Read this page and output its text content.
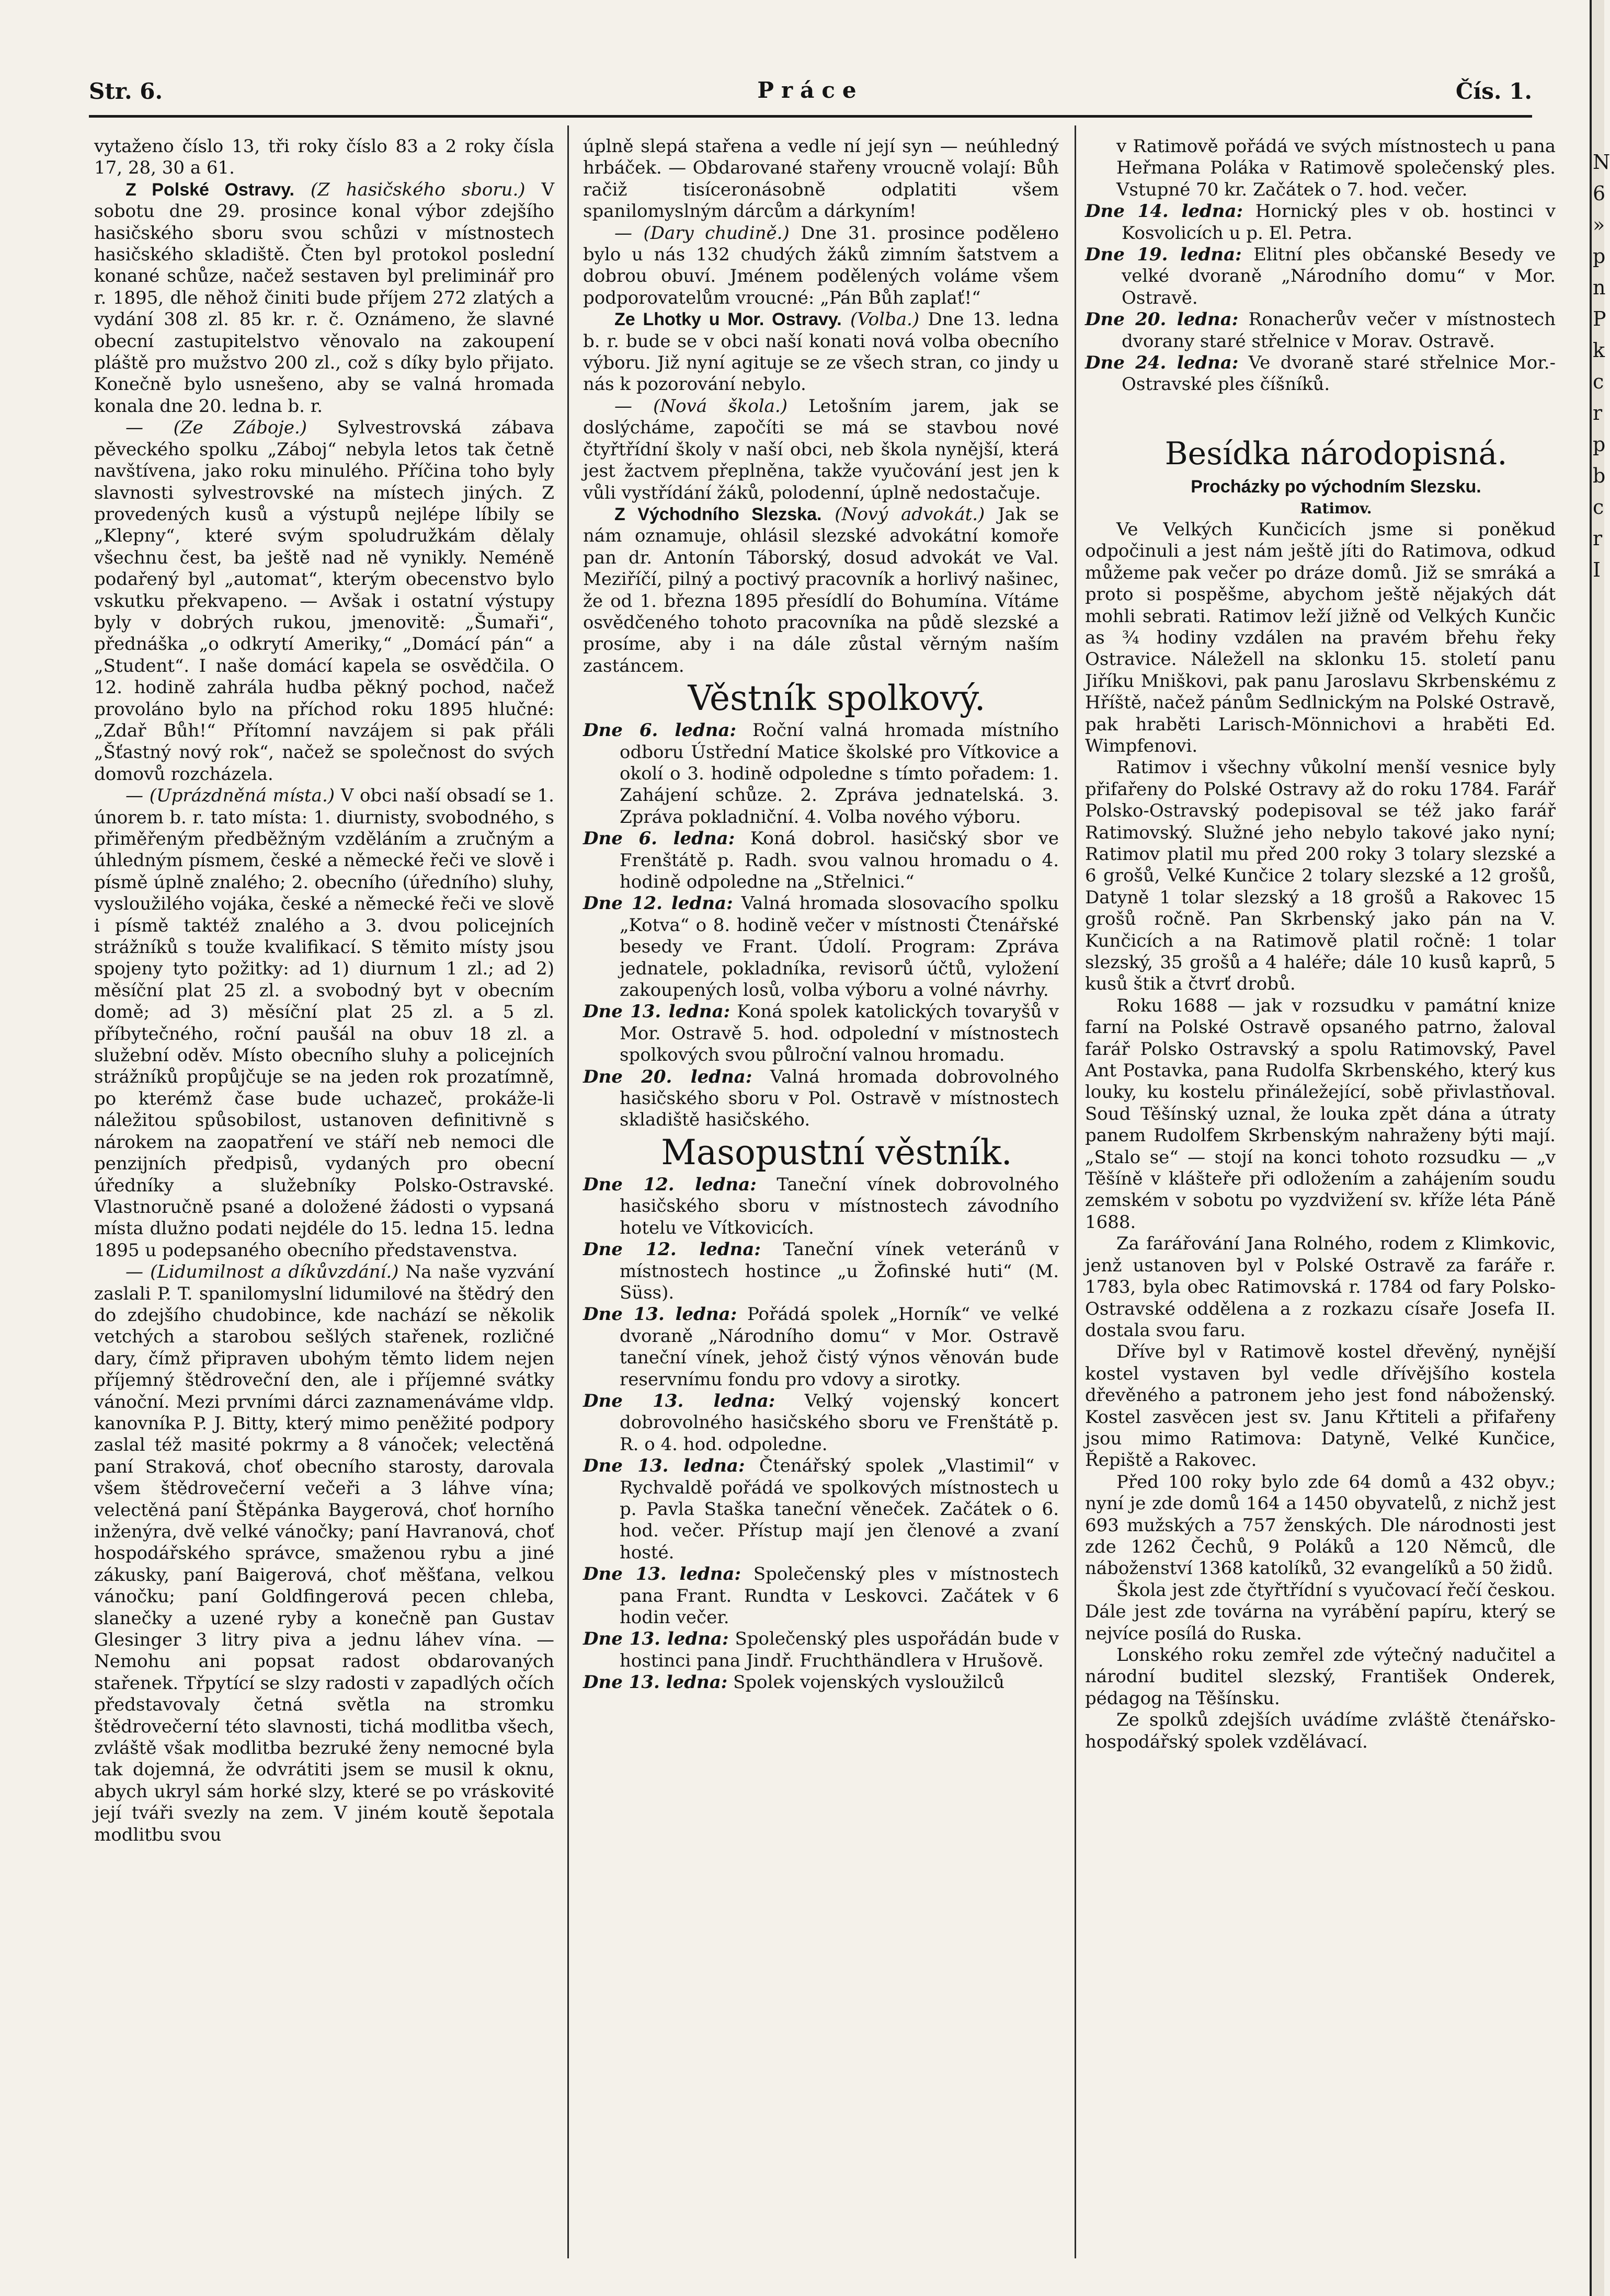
Str. 6.	Práce	Čís. 1.

vytaženo číslo 13, tři roky číslo 83 a 2 roky čísla 17, 28, 30 a 61.

Z Polské Ostravy. (Z hasičského sboru.) V sobotu dne 29. prosince konal výbor zdejšího hasičského sboru svou schůzi v místnostech hasičského skladiště. Čten byl protokol poslední konané schůze, načež sestaven byl preliminář pro r. 1895, dle něhož činiti bude příjem 272 zlatých a vydání 308 zl. 85 kr. r. č. Oznámeno, že slavné obecní zastupitelstvo věnovalo na zakoupení pláště pro mužstvo 200 zl., což s díky bylo přijato. Konečně bylo usnešeno, aby se valná hromada konala dne 20. ledna b. r.

— (Ze Záboje.) Sylvestrovská zábava pěveckého spolku „Záboj“ nebyla letos tak četně navštívena, jako roku minulého. Příčina toho byly slavnosti sylvestrovské na místech jiných. Z provedených kusů a výstupů nejlépe líbily se „Klepny“, které svým spoludružkám dělaly všechnu čest, ba ještě nad ně vynikly. Neméně podařený byl „automat“, kterým obecenstvo bylo vskutku překvapeno. — Avšak i ostatní výstupy byly v dobrých rukou, jmenovitě: „Šumaři“, přednáška „o odkrytí Ameriky,“ „Domácí pán“ a „Student“. I naše domácí kapela se osvědčila. O 12. hodině zahrála hudba pěkný pochod, načež provoláno bylo na příchod roku 1895 hlučné: „Zdař Bůh!“ Přítomní navzájem si pak přáli „Šťastný nový rok“, načež se společnost do svých domovů rozcházela.

— (Uprázdněná místa.) V obci naší obsadí se 1. únorem b. r. tato místa: 1. diurnisty, svobodného, s přiměřeným předběžným vzděláním a zručným a úhledným písmem, české a německé řeči ve slově i písmě úplně znalého; 2. obecního (úředního) sluhy, vysloužilého vojáka, české a německé řeči ve slově i písmě taktéž znalého a 3. dvou policejních strážníků s touže kvalifikací. S těmito místy jsou spojeny tyto požitky: ad 1) diurnum 1 zl.; ad 2) měsíční plat 25 zl. a svobodný byt v obecním domě; ad 3) měsíční plat 25 zl. a 5 zl. příbytečného, roční paušál na obuv 18 zl. a služební oděv. Místo obecního sluhy a policejních strážníků propůjčuje se na jeden rok prozatímně, po kterémž čase bude uchazeč, prokáže-li náležitou spůsobilost, ustanoven definitivně s nárokem na zaopatření ve stáří neb nemoci dle penzijních předpisů, vydaných pro obecní úředníky a služebníky Polsko-Ostravské. Vlastnoručně psané a doložené žádosti o vypsaná místa dlužno podati nejdéle do 15. ledna 15. ledna 1895 u podepsaného obecního představenstva.

— (Lidumilnost a díkůvzdání.) Na naše vyzvání zaslali P. T. spanilomyslní lidumilové na štědrý den do zdejšího chudobince, kde nachází se několik vetchých a starobou sešlých stařenek, rozličné dary, čímž připraven ubohým těmto lidem nejen příjemný štědroveční den, ale i příjemné svátky vánoční. Mezi prvními dárci zaznamenáváme vldp. kanovníka P. J. Bitty, který mimo peněžité podpory zaslal též masité pokrmy a 8 vánoček; velectěná paní Straková, choť obecního starosty, darovala všem štědrovečerní večeři a 3 láhve vína; velectěná paní Štěpánka Baygerová, choť horního inženýra, dvě velké vánočky; paní Havranová, choť hospodářského správce, smaženou rybu a jiné zákusky, paní Baigerová, choť měšťana, velkou vánočku; paní Goldfingerová pecen chleba, slanečky a uzené ryby a konečně pan Gustav Glesinger 3 litry piva a jednu láhev vína. — Nemohu ani popsat radost obdarovaných stařenek. Třpytící se slzy radosti v zapadlých očích představovaly četná světla na stromku štědrovečerní této slavnosti, tichá modlitba všech, zvláště však modlitba bezruké ženy nemocné byla tak dojemná, že odvrátiti jsem se musil k oknu, abych ukryl sám horké slzy, které se po vráskovité její tváři svezly na zem. V jiném koutě šepotala modlitbu svou

úplně slepá stařena a vedle ní její syn — neúhledný hrbáček. — Obdarované stařeny vroucně volají: Bůh račiž tisíceronásobně odplatiti všem spanilomyslným dárcům a dárkyním!

— (Dary chudině.) Dne 31. prosince podělено bylo u nás 132 chudých žáků zimním šatstvem a dobrou obuví. Jménem podělených voláme všem podporovatelům vroucné: „Pán Bůh zaplať!“

Ze Lhotky u Mor. Ostravy. (Volba.) Dne 13. ledna b. r. bude se v obci naší konati nová volba obecního výboru. Již nyní agituje se ze všech stran, co jindy u nás k pozorování nebylo.

— (Nová škola.) Letošním jarem, jak se doslýcháme, započíti se má se stavbou nové čtyřtřídní školy v naší obci, neb škola nynější, která jest žactvem přeplněna, takže vyučování jest jen k vůli vystřídání žáků, polodenní, úplně nedostačuje.

Z Východního Slezska. (Nový advokát.) Jak se nám oznamuje, ohlásil slezské advokátní komoře pan dr. Antonín Táborský, dosud advokát ve Val. Meziříčí, pilný a poctivý pracovník a horlivý našinec, že od 1. března 1895 přesídlí do Bohumína. Vítáme osvědčeného tohoto pracovníka na půdě slezské a prosíme, aby i na dále zůstal věrným naším zastáncem.

Věstník spolkový.

Dne 6. ledna: Roční valná hromada místního odboru Ústřední Matice školské pro Vítkovice a okolí o 3. hodině odpoledne s tímto pořadem: 1. Zahájení schůze. 2. Zpráva jednatelská. 3. Zpráva pokladniční. 4. Volba nového výboru.

Dne 6. ledna: Koná dobrol. hasičský sbor ve Frenštátě p. Radh. svou valnou hromadu o 4. hodině odpoledne na „Střelnici.“

Dne 12. ledna: Valná hromada slosovacího spolku „Kotva“ o 8. hodině večer v místnosti Čtenářské besedy ve Frant. Údolí. Program: Zpráva jednatele, pokladníka, revisorů účtů, vyložení zakoupených losů, volba výboru a volné návrhy.

Dne 13. ledna: Koná spolek katolických tovaryšů v Mor. Ostravě 5. hod. odpolední v místnostech spolkových svou půlroční valnou hromadu.

Dne 20. ledna: Valná hromada dobrovolného hasičského sboru v Pol. Ostravě v místnostech skladiště hasičského.

Masopustní věstník.

Dne 12. ledna: Taneční vínek dobrovolného hasičského sboru v místnostech závodního hotelu ve Vítkovicích.

Dne 12. ledna: Taneční vínek veteránů v místnostech hostince „u Žofinské huti“ (M. Süss).

Dne 13. ledna: Pořádá spolek „Horník“ ve velké dvoraně „Národního domu“ v Mor. Ostravě taneční vínek, jehož čistý výnos věnován bude reservnímu fondu pro vdovy a sirotky.

Dne 13. ledna: Velký vojenský koncert dobrovolného hasičského sboru ve Frenštátě p. R. o 4. hod. odpoledne.

Dne 13. ledna: Čtenářský spolek „Vlastimil“ v Rychvaldě pořádá ve spolkových místnostech u p. Pavla Staška taneční věneček. Začátek o 6. hod. večer. Přístup mají jen členové a zvaní hosté.

Dne 13. ledna: Společenský ples v místnostech pana Frant. Rundta v Leskovci. Začátek v 6 hodin večer.

Dne 13. ledna: Společenský ples uspořádán bude v hostinci pana Jindř. Fruchthändlera v Hrušově.

Dne 13. ledna: Spolek vojenských vysloužilců

v Ratimově pořádá ve svých místnostech u pana Heřmana Poláka v Ratimově společenský ples. Vstupné 70 kr. Začátek o 7. hod. večer.

Dne 14. ledna: Hornický ples v ob. hostinci v Kosvolicích u p. El. Petra.

Dne 19. ledna: Elitní ples občanské Besedy ve velké dvoraně „Národního domu“ v Mor. Ostravě.

Dne 20. ledna: Ronacherův večer v místnostech dvorany staré střelnice v Morav. Ostravě.

Dne 24. ledna: Ve dvoraně staré střelnice Mor.-Ostravské ples číšníků.

Besídka národopisná.

Procházky po východním Slezsku.

Ratimov.

Ve Velkých Kunčicích jsme si poněkud odpočinuli a jest nám ještě jíti do Ratimova, odkud můžeme pak večer po dráze domů. Již se smráká a proto si pospěšme, abychom ještě nějakých dát mohli sebrati. Ratimov leží jižně od Velkých Kunčic as ¾ hodiny vzdálen na pravém břehu řeky Ostravice. Náležell na sklonku 15. století panu Jiříku Mniškovi, pak panu Jaroslavu Skrbenskému z Hříště, načež pánům Sedlnickým na Polské Ostravě, pak hraběti Larisch-Mönnichovi a hraběti Ed. Wimpfenovi.

Ratimov i všechny vůkolní menší vesnice byly přifařeny do Polské Ostravy až do roku 1784. Farář Polsko-Ostravský podepisoval se též jako farář Ratimovský. Služné jeho nebylo takové jako nyní; Ratimov platil mu před 200 roky 3 tolary slezské a 6 grošů, Velké Kunčice 2 tolary slezské a 12 grošů, Datyně 1 tolar slezský a 18 grošů a Rakovec 15 grošů ročně. Pan Skrbenský jako pán na V. Kunčicích a na Ratimově platil ročně: 1 tolar slezský, 35 grošů a 4 haléře; dále 10 kusů kaprů, 5 kusů štik a čtvrť drobů.

Roku 1688 — jak v rozsudku v památní knize farní na Polské Ostravě opsaného patrno, žaloval farář Polsko Ostravský a spolu Ratimovský, Pavel Ant Postavka, pana Rudolfa Skrbenského, který kus louky, ku kostelu přináležející, sobě přivlastňoval. Soud Těšínský uznal, že louka zpět dána a útraty panem Rudolfem Skrbenským nahraženy býti mají. „Stalo se“ — stojí na konci tohoto rozsudku — „v Těšíně v klášteře při odložením a zahájením soudu zemském v sobotu po vyzdvižení sv. kříže léta Páně 1688.

Za farářování Jana Rolného, rodem z Klimkovic, jenž ustanoven byl v Polské Ostravě za faráře r. 1783, byla obec Ratimovská r. 1784 od fary Polsko-Ostravské oddělena a z rozkazu císaře Josefa II. dostala svou faru.

Dříve byl v Ratimově kostel dřevěný, nynější kostel vystaven byl vedle dřívějšího kostela dřevěného a patronem jeho jest fond náboženský. Kostel zasvěcen jest sv. Janu Křtiteli a přifařeny jsou mimo Ratimova: Datyně, Velké Kunčice, Řepiště a Rakovec.

Před 100 roky bylo zde 64 domů a 432 obyv.; nyní je zde domů 164 a 1450 obyvatelů, z nichž jest 693 mužských a 757 ženských. Dle národnosti jest zde 1262 Čechů, 9 Poláků a 120 Němců, dle náboženství 1368 katolíků, 32 evangelíků a 50 židů.

Škola jest zde čtyřtřídní s vyučovací řečí českou. Dále jest zde továrna na vyrábění papíru, který se nejvíce posílá do Ruska.

Lonského roku zemřel zde výtečný nadučitel a národní buditel slezský, František Onderek, pédagog na Těšínsku.

Ze spolků zdejších uvádíme zvláště čtenářsko-hospodářský spolek vzdělávací.

N
6
»
p
n
P
k
c
r
p
b
c
r
I
